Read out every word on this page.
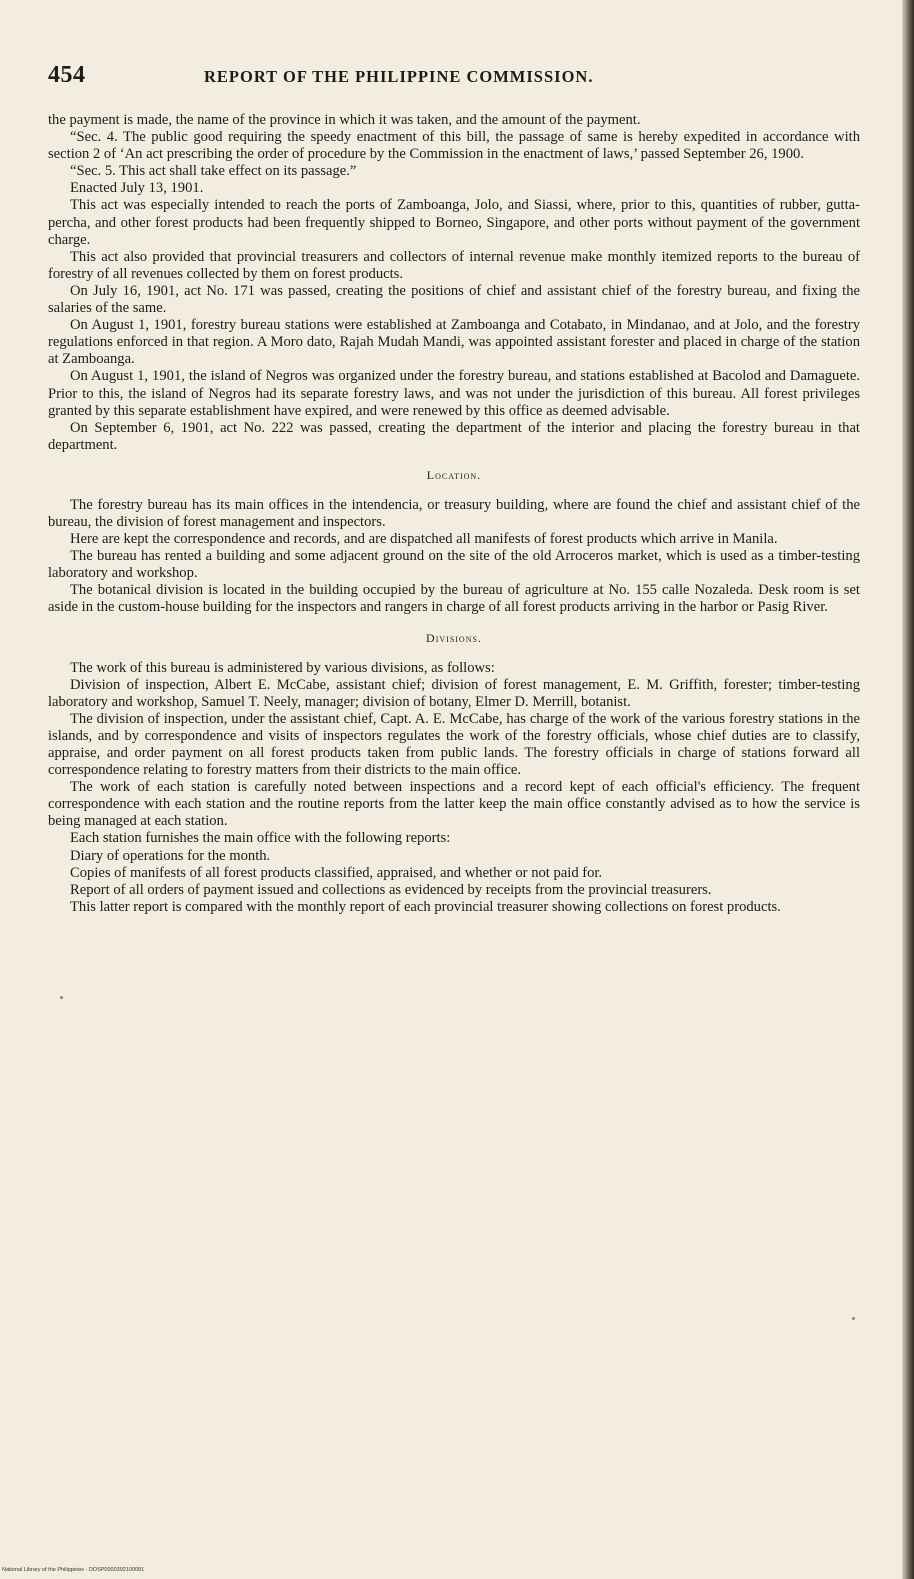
454	REPORT OF THE PHILIPPINE COMMISSION.

the payment is made, the name of the province in which it was taken, and the amount of the payment.

“Sec. 4. The public good requiring the speedy enactment of this bill, the passage of same is hereby expedited in accordance with section 2 of ‘An act prescribing the order of procedure by the Commission in the enactment of laws,’ passed September 26, 1900.

“Sec. 5. This act shall take effect on its passage.”

Enacted July 13, 1901.

This act was especially intended to reach the ports of Zamboanga, Jolo, and Siassi, where, prior to this, quantities of rubber, gutta-percha, and other forest products had been frequently shipped to Borneo, Singapore, and other ports without payment of the government charge.

This act also provided that provincial treasurers and collectors of internal revenue make monthly itemized reports to the bureau of forestry of all revenues collected by them on forest products.

On July 16, 1901, act No. 171 was passed, creating the positions of chief and assistant chief of the forestry bureau, and fixing the salaries of the same.

On August 1, 1901, forestry bureau stations were established at Zamboanga and Cotabato, in Mindanao, and at Jolo, and the forestry regulations enforced in that region. A Moro dato, Rajah Mudah Mandi, was appointed assistant forester and placed in charge of the station at Zamboanga.

On August 1, 1901, the island of Negros was organized under the forestry bureau, and stations established at Bacolod and Damaguete. Prior to this, the island of Negros had its separate forestry laws, and was not under the jurisdiction of this bureau. All forest privileges granted by this separate establishment have expired, and were renewed by this office as deemed advisable.

On September 6, 1901, act No. 222 was passed, creating the department of the interior and placing the forestry bureau in that department.

Location.

The forestry bureau has its main offices in the intendencia, or treasury building, where are found the chief and assistant chief of the bureau, the division of forest management and inspectors.

Here are kept the correspondence and records, and are dispatched all manifests of forest products which arrive in Manila.

The bureau has rented a building and some adjacent ground on the site of the old Arroceros market, which is used as a timber-testing laboratory and workshop.

The botanical division is located in the building occupied by the bureau of agriculture at No. 155 calle Nozaleda. Desk room is set aside in the custom-house building for the inspectors and rangers in charge of all forest products arriving in the harbor or Pasig River.

Divisions.

The work of this bureau is administered by various divisions, as follows:

Division of inspection, Albert E. McCabe, assistant chief; division of forest management, E. M. Griffith, forester; timber-testing laboratory and workshop, Samuel T. Neely, manager; division of botany, Elmer D. Merrill, botanist.

The division of inspection, under the assistant chief, Capt. A. E. McCabe, has charge of the work of the various forestry stations in the islands, and by correspondence and visits of inspectors regulates the work of the forestry officials, whose chief duties are to classify, appraise, and order payment on all forest products taken from public lands. The forestry officials in charge of stations forward all correspondence relating to forestry matters from their districts to the main office.

The work of each station is carefully noted between inspections and a record kept of each official's efficiency. The frequent correspondence with each station and the routine reports from the latter keep the main office constantly advised as to how the service is being managed at each station.

Each station furnishes the main office with the following reports:

Diary of operations for the month.

Copies of manifests of all forest products classified, appraised, and whether or not paid for.

Report of all orders of payment issued and collections as evidenced by receipts from the provincial treasurers.

This latter report is compared with the monthly report of each provincial treasurer showing collections on forest products.

National Library of the Philippines · DOSP0000392100091
